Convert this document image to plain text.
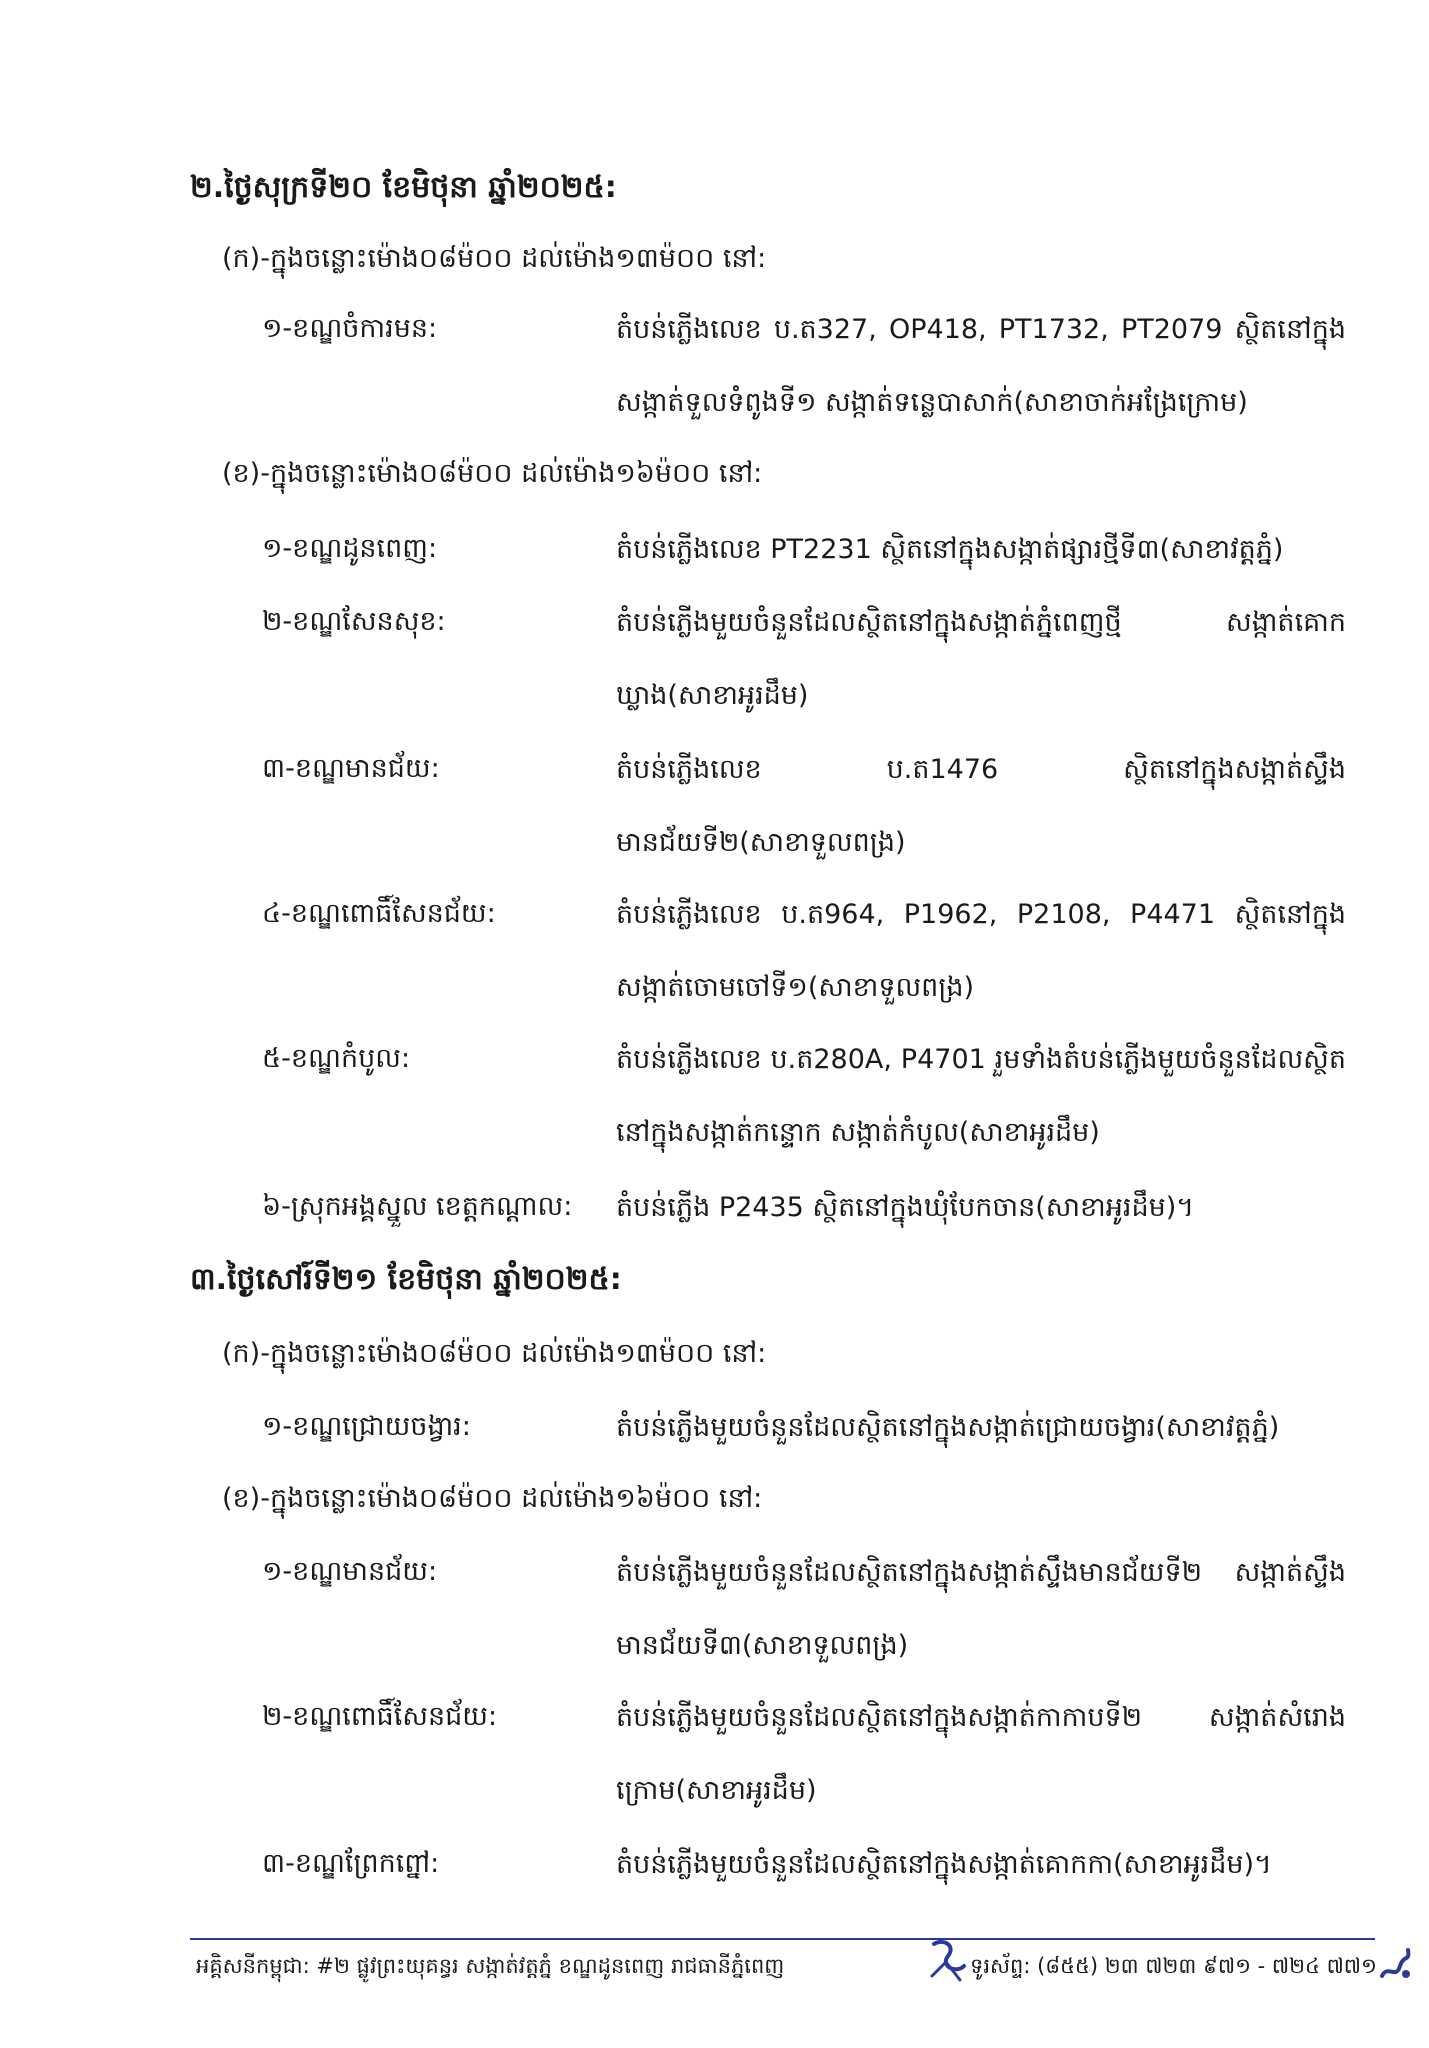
២.ថ្ងៃសុក្រទី២០ ខែមិថុនា ឆ្នាំ២០២៥:
(ក)-ក្នុងចន្លោះម៉ោង០៨ម៉០០ ដល់ម៉ោង១៣ម៉០០ នៅ:
១-ខណ្ឌចំការមន:	តំបន់ភ្លើងលេខ ប.ត327, OP418, PT1732, PT2079 ស្ថិតនៅក្នុងសង្កាត់ទួលទំពូងទី១ សង្កាត់ទន្លេបាសាក់(សាខាចាក់អង្រែក្រោម)
(ខ)-ក្នុងចន្លោះម៉ោង០៨ម៉០០ ដល់ម៉ោង១៦ម៉០០ នៅ:
១-ខណ្ឌដូនពេញ:	តំបន់ភ្លើងលេខ PT2231 ស្ថិតនៅក្នុងសង្កាត់ផ្សារថ្មីទី៣(សាខាវត្តភ្នំ)
២-ខណ្ឌសែនសុខ:	តំបន់ភ្លើងមួយចំនួនដែលស្ថិតនៅក្នុងសង្កាត់ភ្នំពេញថ្មី សង្កាត់គោកឃ្លាង(សាខាអូរដឹម)
៣-ខណ្ឌមានជ័យ:	តំបន់ភ្លើងលេខ ប.ត1476 ស្ថិតនៅក្នុងសង្កាត់ស្ទឹងមានជ័យទី២(សាខាទួលពង្រ)
៤-ខណ្ឌពោធិ៍សែនជ័យ:	តំបន់ភ្លើងលេខ ប.ត964, P1962, P2108, P4471 ស្ថិតនៅក្នុងសង្កាត់ចោមចៅទី១(សាខាទួលពង្រ)
៥-ខណ្ឌកំបូល:	តំបន់ភ្លើងលេខ ប.ត280A, P4701 រួមទាំងតំបន់ភ្លើងមួយចំនួនដែលស្ថិតនៅក្នុងសង្កាត់កន្ទោក សង្កាត់កំបូល(សាខាអូរដឹម)
៦-ស្រុកអង្គស្នួល ខេត្តកណ្ដាល: តំបន់ភ្លើង P2435 ស្ថិតនៅក្នុងឃុំបែកចាន(សាខាអូរដឹម)។
៣.ថ្ងៃសៅរ៍ទី២១ ខែមិថុនា ឆ្នាំ២០២៥:
(ក)-ក្នុងចន្លោះម៉ោង០៨ម៉០០ ដល់ម៉ោង១៣ម៉០០ នៅ:
១-ខណ្ឌជ្រោយចង្វារ:	តំបន់ភ្លើងមួយចំនួនដែលស្ថិតនៅក្នុងសង្កាត់ជ្រោយចង្វារ(សាខាវត្តភ្នំ)
(ខ)-ក្នុងចន្លោះម៉ោង០៨ម៉០០ ដល់ម៉ោង១៦ម៉០០ នៅ:
១-ខណ្ឌមានជ័យ:	តំបន់ភ្លើងមួយចំនួនដែលស្ថិតនៅក្នុងសង្កាត់ស្ទឹងមានជ័យទី២ សង្កាត់ស្ទឹងមានជ័យទី៣(សាខាទួលពង្រ)
២-ខណ្ឌពោធិ៍សែនជ័យ:	តំបន់ភ្លើងមួយចំនួនដែលស្ថិតនៅក្នុងសង្កាត់កាកាបទី២ សង្កាត់សំរោងក្រោម(សាខាអូរដឹម)
៣-ខណ្ឌព្រែកព្នៅ:	តំបន់ភ្លើងមួយចំនួនដែលស្ថិតនៅក្នុងសង្កាត់គោកកា(សាខាអូរដឹម)។
អគ្គិសនីកម្ពុជា: #២ ផ្លូវព្រះយុគន្ធរ សង្កាត់វត្តភ្នំ ខណ្ឌដូនពេញ រាជធានីភ្នំពេញ	ទូរស័ព្ទ: (៨៥៥) ២៣ ៧២៣ ៩៧១ - ៧២៤ ៧៧១
